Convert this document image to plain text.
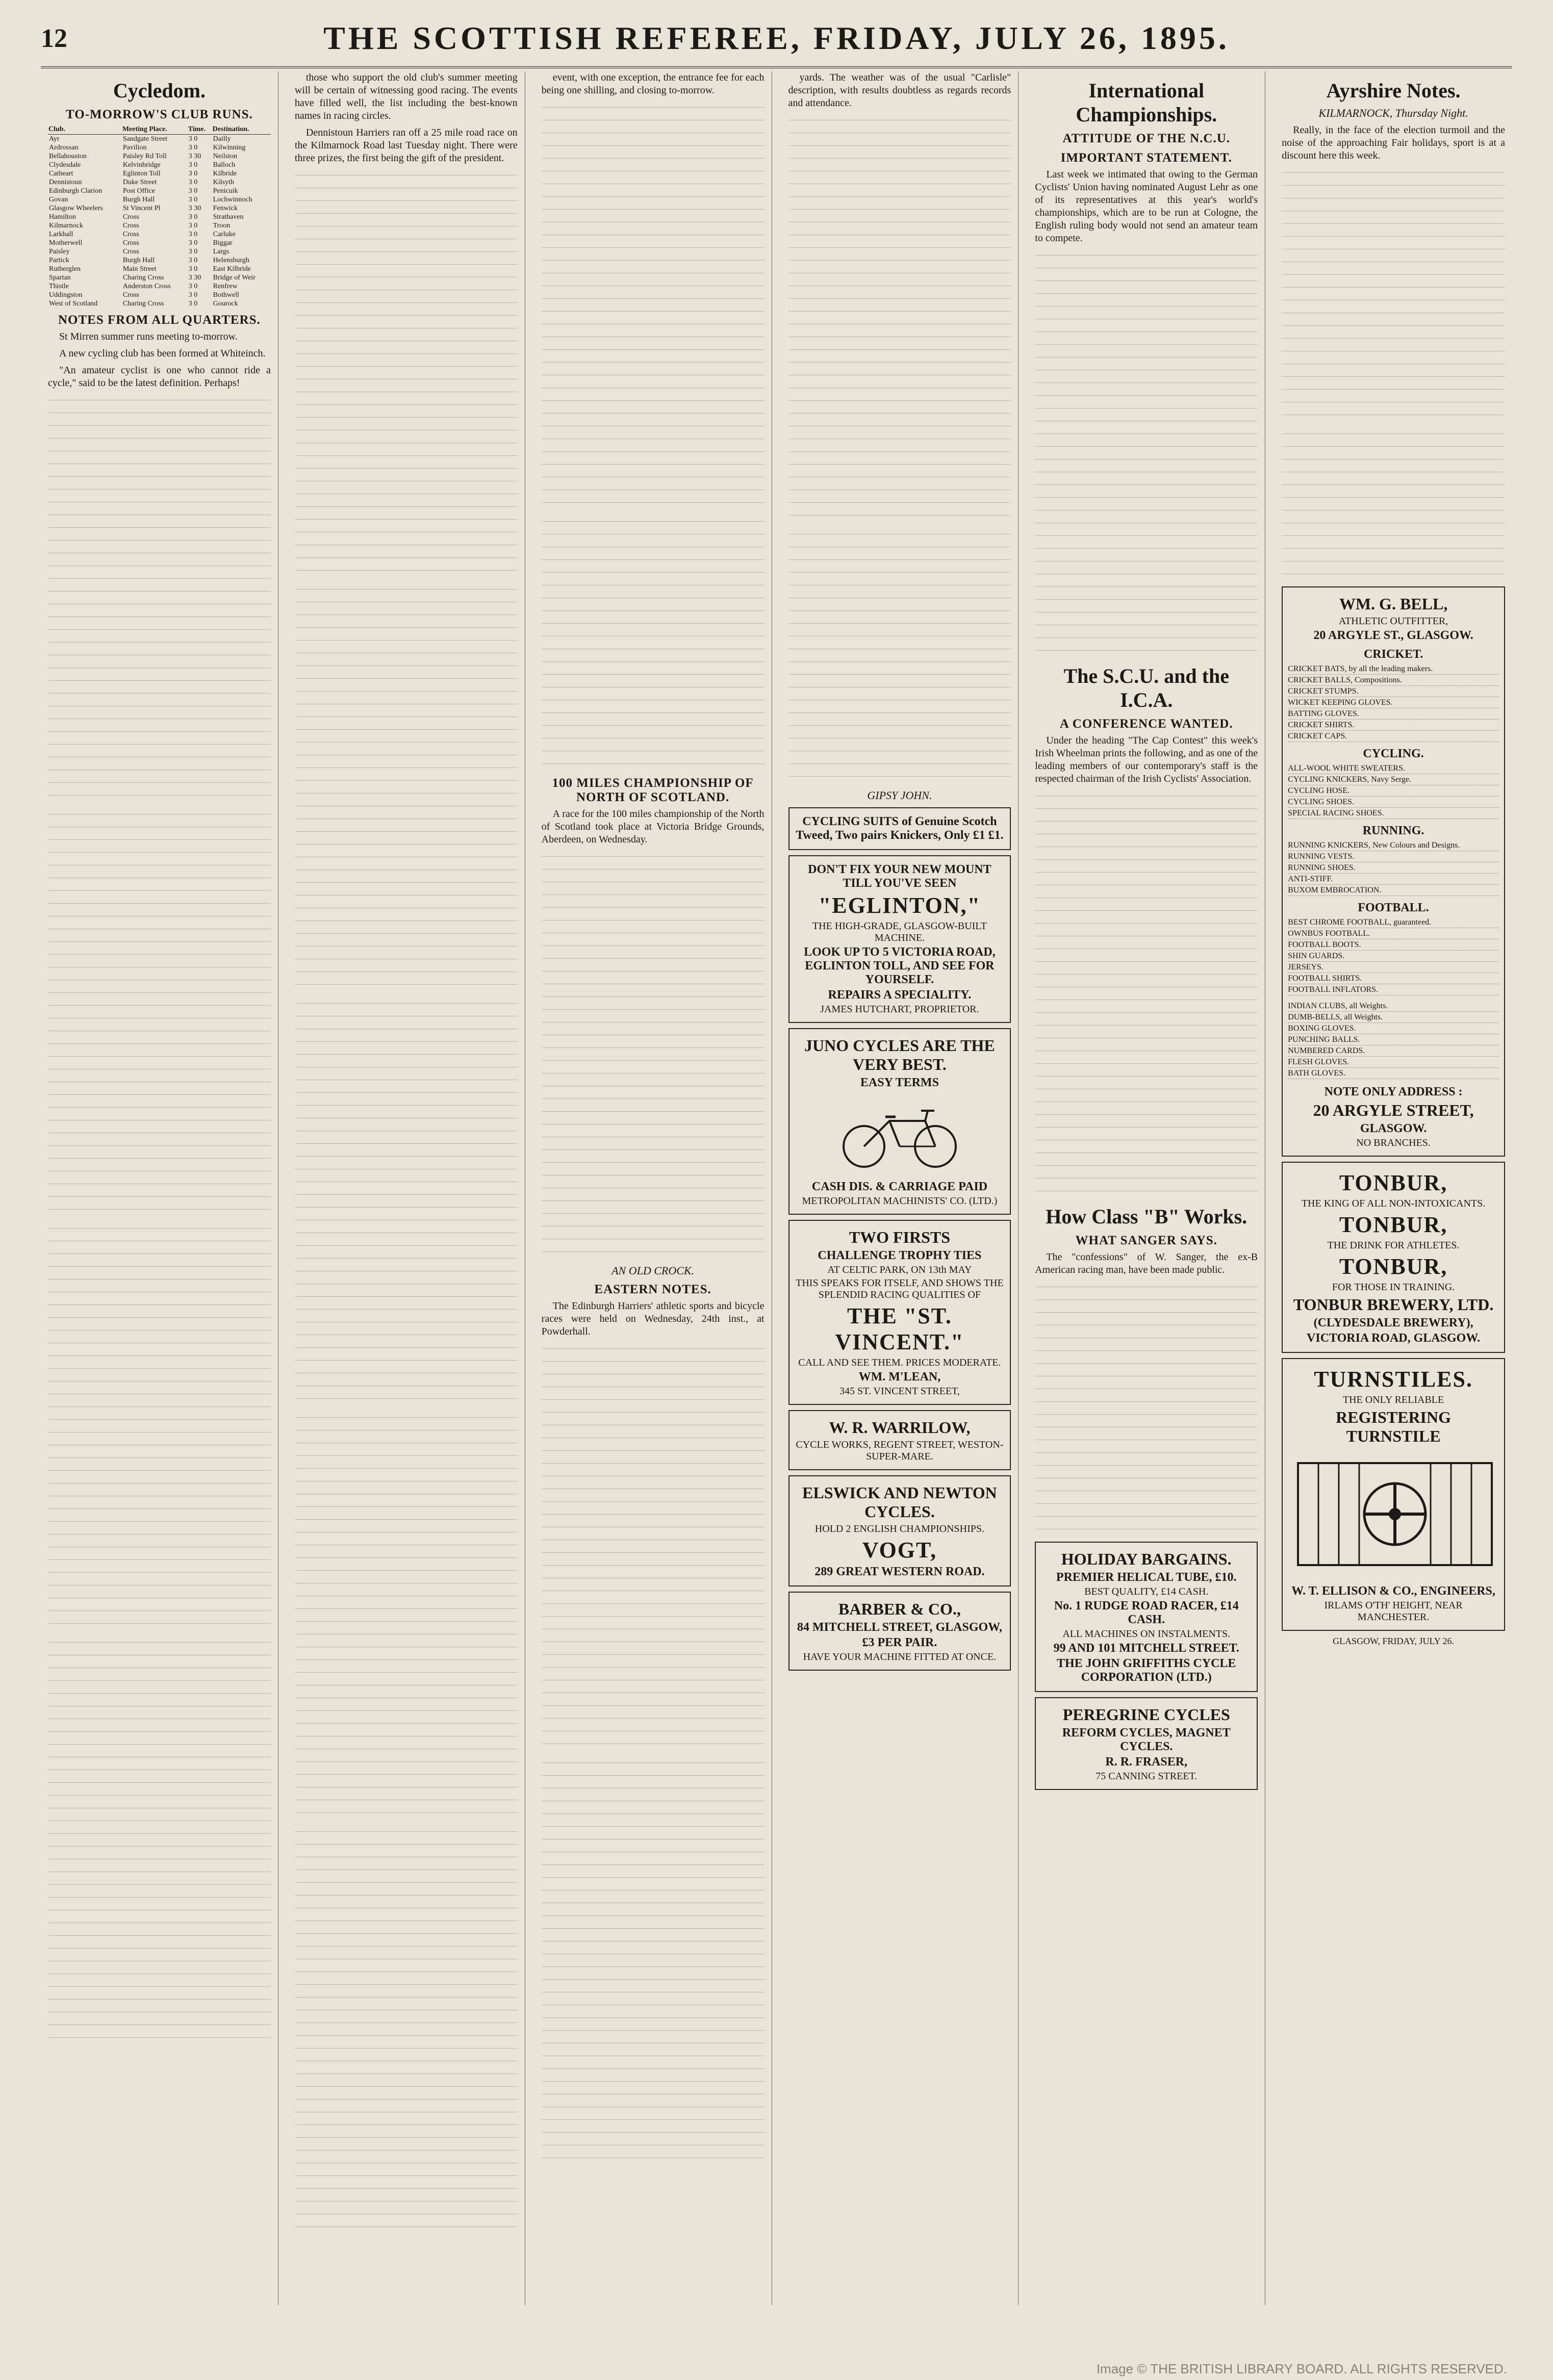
12	THE SCOTTISH REFEREE, FRIDAY, JULY 26, 1895.
Cycledom.
TO-MORROW'S CLUB RUNS.
Club.	Meeting Place.	Time.	Destination.
Ayr	Sandgate Street	3 0	Dailly
Ardrossan	Pavilion	3 0	Kilwinning
Bellahouston	Paisley Rd Toll	3 30	Neilston
Clydesdale	Kelvinbridge	3 0	Balloch
Catheart	Eglinton Toll	3 0	Kilbride
Dennistoun	Duke Street	3 0	Kilsyth
Edinburgh Clarion	Post Office	3 0	Penicuik
Govan	Burgh Hall	3 0	Lochwinnoch
Glasgow Wheelers	St Vincent Pl	3 30	Fenwick
Hamilton	Cross	3 0	Strathaven
Kilmarnock	Cross	3 0	Troon
Larkhall	Cross	3 0	Carluke
Motherwell	Cross	3 0	Biggar
Paisley	Cross	3 0	Largs
Partick	Burgh Hall	3 0	Helensburgh
Rutherglen	Main Street	3 0	East Kilbride
Spartan	Charing Cross	3 30	Bridge of Weir
Thistle	Anderston Cross	3 0	Renfrew
Uddingston	Cross	3 0	Bothwell
West of Scotland	Charing Cross	3 0	Gourock
NOTES FROM ALL QUARTERS.

St Mirren summer runs meeting to-morrow.

A new cycling club has been formed at Whiteinch.

"An amateur cyclist is one who cannot ride a cycle," said to be the latest definition. Perhaps!

those who support the old club's summer meeting will be certain of witnessing good racing. The events have filled well, the list including the best-known names in racing circles.

Dennistoun Harriers ran off a 25 mile road race on the Kilmarnock Road last Tuesday night. There were three prizes, the first being the gift of the president.

event, with one exception, the entrance fee for each being one shilling, and closing to-morrow.

100 MILES CHAMPIONSHIP OF NORTH OF SCOTLAND.

A race for the 100 miles championship of the North of Scotland took place at Victoria Bridge Grounds, Aberdeen, on Wednesday.

AN OLD CROCK.
EASTERN NOTES.

The Edinburgh Harriers' athletic sports and bicycle races were held on Wednesday, 24th inst., at Powderhall.

yards. The weather was of the usual "Carlisle" description, with results doubtless as regards records and attendance.

GIPSY JOHN.
CYCLING SUITS of Genuine Scotch Tweed, Two pairs Knickers, Only £1 £1.
DON'T FIX YOUR NEW MOUNT TILL YOU'VE SEEN
"EGLINTON,"
THE HIGH-GRADE, GLASGOW-BUILT MACHINE.
LOOK UP TO 5 VICTORIA ROAD, EGLINTON TOLL, AND SEE FOR YOURSELF.
REPAIRS A SPECIALITY.
JAMES HUTCHART, PROPRIETOR.
JUNO CYCLES ARE THE VERY BEST.
EASY TERMS
CASH DIS. & CARRIAGE PAID
METROPOLITAN MACHINISTS' CO. (LTD.)
TWO FIRSTS
CHALLENGE TROPHY TIES
AT CELTIC PARK, ON 13th MAY
THIS SPEAKS FOR ITSELF, AND SHOWS THE SPLENDID RACING QUALITIES OF
THE "ST. VINCENT."
CALL AND SEE THEM. PRICES MODERATE.
WM. M'LEAN,
345 ST. VINCENT STREET,
W. R. WARRILOW,
CYCLE WORKS, REGENT STREET, WESTON-SUPER-MARE.
ELSWICK AND NEWTON CYCLES.
HOLD 2 ENGLISH CHAMPIONSHIPS.
VOGT,
289 GREAT WESTERN ROAD.
BARBER & CO.,
84 MITCHELL STREET, GLASGOW,
£3 PER PAIR.
HAVE YOUR MACHINE FITTED AT ONCE.
International Championships.
ATTITUDE OF THE N.C.U.
IMPORTANT STATEMENT.

Last week we intimated that owing to the German Cyclists' Union having nominated August Lehr as one of its representatives at this year's world's championships, which are to be run at Cologne, the English ruling body would not send an amateur team to compete.

The S.C.U. and the I.C.A.
A CONFERENCE WANTED.

Under the heading "The Cap Contest" this week's Irish Wheelman prints the following, and as one of the leading members of our contemporary's staff is the respected chairman of the Irish Cyclists' Association.

How Class "B" Works.
WHAT SANGER SAYS.

The "confessions" of W. Sanger, the ex-B American racing man, have been made public.

HOLIDAY BARGAINS.
PREMIER HELICAL TUBE, £10.
BEST QUALITY, £14 CASH.
No. 1 RUDGE ROAD RACER, £14 CASH.
ALL MACHINES ON INSTALMENTS.
99 AND 101 MITCHELL STREET.
THE JOHN GRIFFITHS CYCLE CORPORATION (LTD.)
PEREGRINE CYCLES
REFORM CYCLES, MAGNET CYCLES.
R. R. FRASER,
75 CANNING STREET.
Ayrshire Notes.
KILMARNOCK, Thursday Night.

Really, in the face of the election turmoil and the noise of the approaching Fair holidays, sport is at a discount here this week.

WM. G. BELL,
ATHLETIC OUTFITTER,
20 ARGYLE ST., GLASGOW.
CRICKET.
CRICKET BATS, by all the leading makers.
CRICKET BALLS, Compositions.
CRICKET STUMPS.
WICKET KEEPING GLOVES.
BATTING GLOVES.
CRICKET SHIRTS.
CRICKET CAPS.
CYCLING.
ALL-WOOL WHITE SWEATERS.
CYCLING KNICKERS, Navy Serge.
CYCLING HOSE.
CYCLING SHOES.
SPECIAL RACING SHOES.
RUNNING.
RUNNING KNICKERS, New Colours and Designs.
RUNNING VESTS.
RUNNING SHOES.
ANTI-STIFF.
BUXOM EMBROCATION.
FOOTBALL.
BEST CHROME FOOTBALL, guaranteed.
OWNBUS FOOTBALL.
FOOTBALL BOOTS.
SHIN GUARDS.
JERSEYS.
FOOTBALL SHIRTS.
FOOTBALL INFLATORS.
INDIAN CLUBS, all Weights.
DUMB-BELLS, all Weights.
BOXING GLOVES.
PUNCHING BALLS.
NUMBERED CARDS.
FLESH GLOVES.
BATH GLOVES.
NOTE ONLY ADDRESS :
20 ARGYLE STREET,
GLASGOW.
NO BRANCHES.
TONBUR,
THE KING OF ALL NON-INTOXICANTS.
TONBUR,
THE DRINK FOR ATHLETES.
TONBUR,
FOR THOSE IN TRAINING.
TONBUR BREWERY, LTD.
(CLYDESDALE BREWERY),
VICTORIA ROAD, GLASGOW.
TURNSTILES.
THE ONLY RELIABLE
REGISTERING TURNSTILE
W. T. ELLISON & CO., ENGINEERS,
IRLAMS O'TH' HEIGHT, NEAR MANCHESTER.
GLASGOW, FRIDAY, JULY 26.
Image © THE BRITISH LIBRARY BOARD. ALL RIGHTS RESERVED.
